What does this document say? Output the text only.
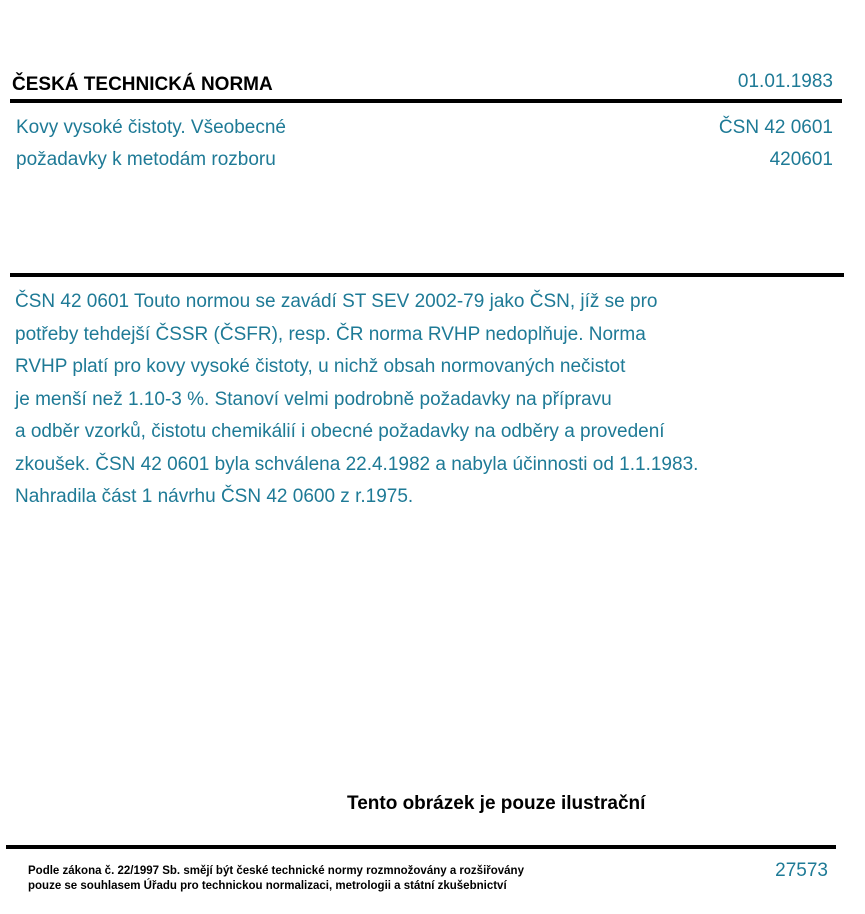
ČESKÁ TECHNICKÁ NORMA	01.01.1983
Kovy vysoké čistoty. Všeobecné
požadavky k metodám rozboru
ČSN 42 0601
420601
ČSN 42 0601 Touto normou se zavádí ST SEV 2002-79 jako ČSN, jíž se pro
potřeby tehdejší ČSSR (ČSFR), resp. ČR norma RVHP nedoplňuje. Norma
RVHP platí pro kovy vysoké čistoty, u nichž obsah normovaných nečistot
je menší než 1.10-3 %. Stanoví velmi podrobně požadavky na přípravu
a odběr vzorků, čistotu chemikálií i obecné požadavky na odběry a provedení
zkoušek. ČSN 42 0601 byla schválena 22.4.1982 a nabyla účinnosti od 1.1.1983.
Nahradila část 1 návrhu ČSN 42 0600 z r.1975.
Tento obrázek je pouze ilustrační
Podle zákona č. 22/1997 Sb. smějí být české technické normy rozmnožovány a rozšiřovány
pouze se souhlasem Úřadu pro technickou normalizaci, metrologii a státní zkušebnictví
27573
